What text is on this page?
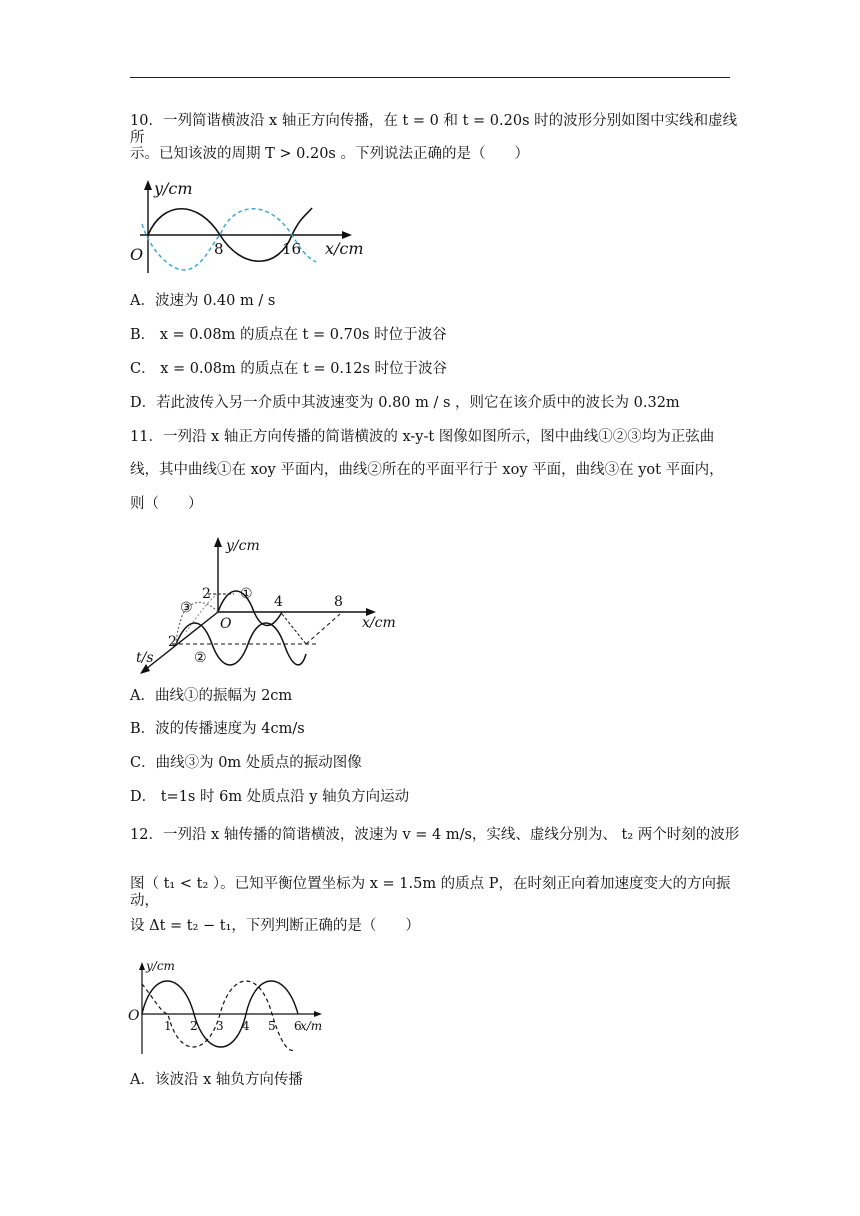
10．一列简谐横波沿 x 轴正方向传播，在 t = 0 和 t = 0.20s 时的波形分别如图中实线和虚线所
示。已知该波的周期 T > 0.20s 。下列说法正确的是（　　）
y/cm
x/cm
O	8	16
A．波速为 0.40 m / s
B． x = 0.08m 的质点在 t = 0.70s 时位于波谷
C． x = 0.08m 的质点在 t = 0.12s 时位于波谷
D．若此波传入另一介质中其波速变为 0.80 m / s ，则它在该介质中的波长为 0.32m
11．一列沿 x 轴正方向传播的简谐横波的 x-y-t 图像如图所示，图中曲线①②③均为正弦曲
线，其中曲线①在 xoy 平面内，曲线②所在的平面平行于 xoy 平面，曲线③在 yot 平面内，
则（　　）
y/cm
x/cm
t/s
O
2
2
4	8
①
②
③
A．曲线①的振幅为 2cm
B．波的传播速度为 4cm/s
C．曲线③为 0m 处质点的振动图像
D． t=1s 时 6m 处质点沿 y 轴负方向运动
12．一列沿 x 轴传播的简谐横波，波速为 v = 4 m/s，实线、虚线分别为、 t₂ 两个时刻的波形
图（ t₁ < t₂ ）。已知平衡位置坐标为 x = 1.5m 的质点 P，在时刻正向着加速度变大的方向振动，
设 Δt = t₂ − t₁，下列判断正确的是（　　）
y/cm
O
1 2 3 4 5 6
x/m
A．该波沿 x 轴负方向传播
